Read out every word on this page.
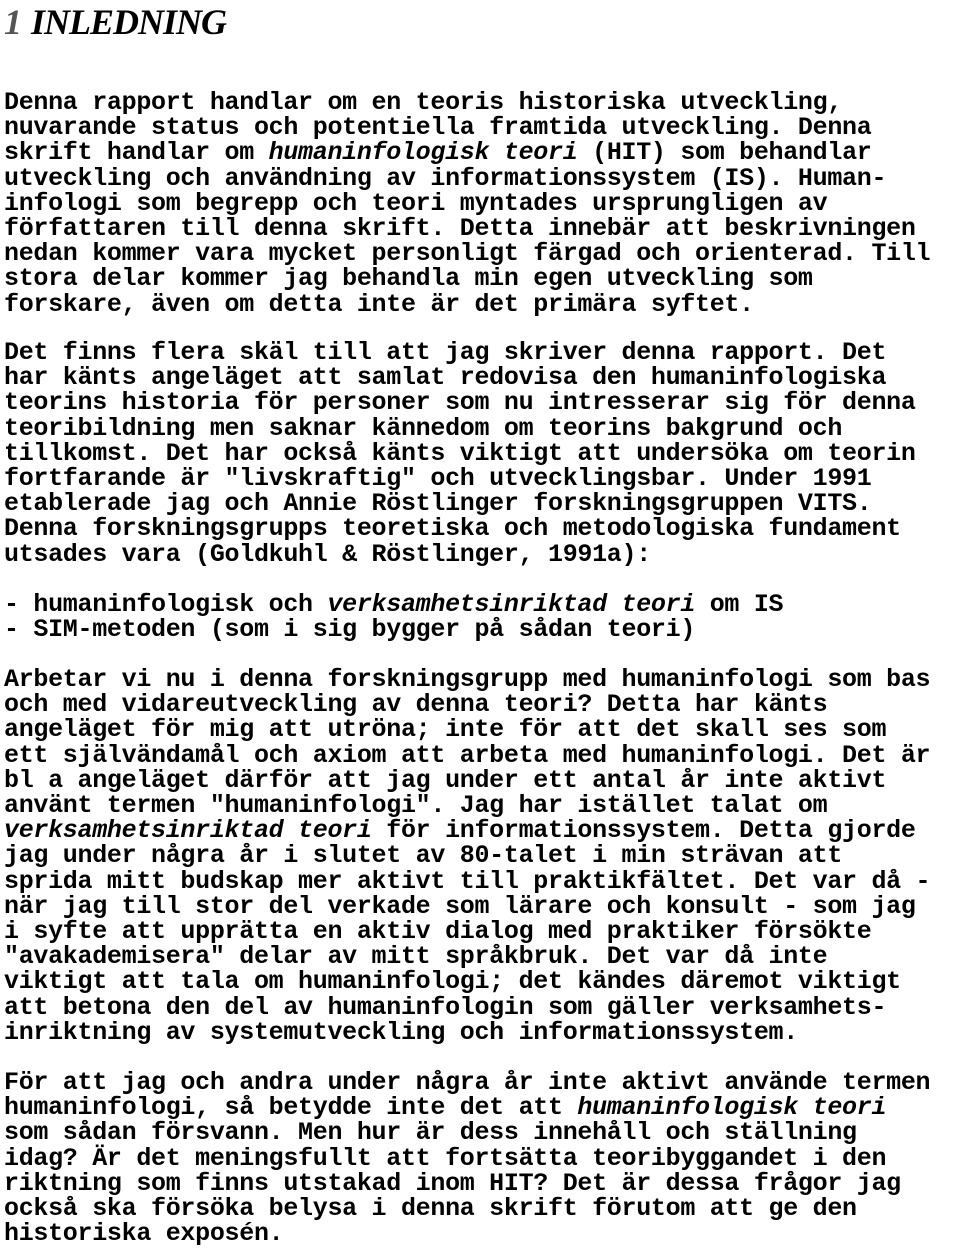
1 INLEDNING
Denna rapport handlar om en teoris historiska utveckling,
nuvarande status och potentiella framtida utveckling. Denna
skrift handlar om humaninfologisk teori (HIT) som behandlar
utveckling och användning av informationssystem (IS). Human-
infologi som begrepp och teori myntades ursprungligen av
författaren till denna skrift. Detta innebär att beskrivningen
nedan kommer vara mycket personligt färgad och orienterad. Till
stora delar kommer jag behandla min egen utveckling som
forskare, även om detta inte är det primära syftet.
Det finns flera skäl till att jag skriver denna rapport. Det
har känts angeläget att samlat redovisa den humaninfologiska
teorins historia för personer som nu intresserar sig för denna
teoribildning men saknar kännedom om teorins bakgrund och
tillkomst. Det har också känts viktigt att undersöka om teorin
fortfarande är "livskraftig" och utvecklingsbar. Under 1991
etablerade jag och Annie Röstlinger forskningsgruppen VITS.
Denna forskningsgrupps teoretiska och metodologiska fundament
utsades vara (Goldkuhl & Röstlinger, 1991a):
- humaninfologisk och verksamhetsinriktad teori om IS
- SIM-metoden (som i sig bygger på sådan teori)
Arbetar vi nu i denna forskningsgrupp med humaninfologi som bas
och med vidareutveckling av denna teori? Detta har känts
angeläget för mig att utröna; inte för att det skall ses som
ett självändamål och axiom att arbeta med humaninfologi. Det är
bl a angeläget därför att jag under ett antal år inte aktivt
använt termen "humaninfologi". Jag har istället talat om
verksamhetsinriktad teori för informationssystem. Detta gjorde
jag under några år i slutet av 80-talet i min strävan att
sprida mitt budskap mer aktivt till praktikfältet. Det var då -
när jag till stor del verkade som lärare och konsult - som jag
i syfte att upprätta en aktiv dialog med praktiker försökte
"avakademisera" delar av mitt språkbruk. Det var då inte
viktigt att tala om humaninfologi; det kändes däremot viktigt
att betona den del av humaninfologin som gäller verksamhets-
inriktning av systemutveckling och informationssystem.
För att jag och andra under några år inte aktivt använde termen
humaninfologi, så betydde inte det att humaninfologisk teori
som sådan försvann. Men hur är dess innehåll och ställning
idag? Är det meningsfullt att fortsätta teoribyggandet i den
riktning som finns utstakad inom HIT? Det är dessa frågor jag
också ska försöka belysa i denna skrift förutom att ge den
historiska exposén.
